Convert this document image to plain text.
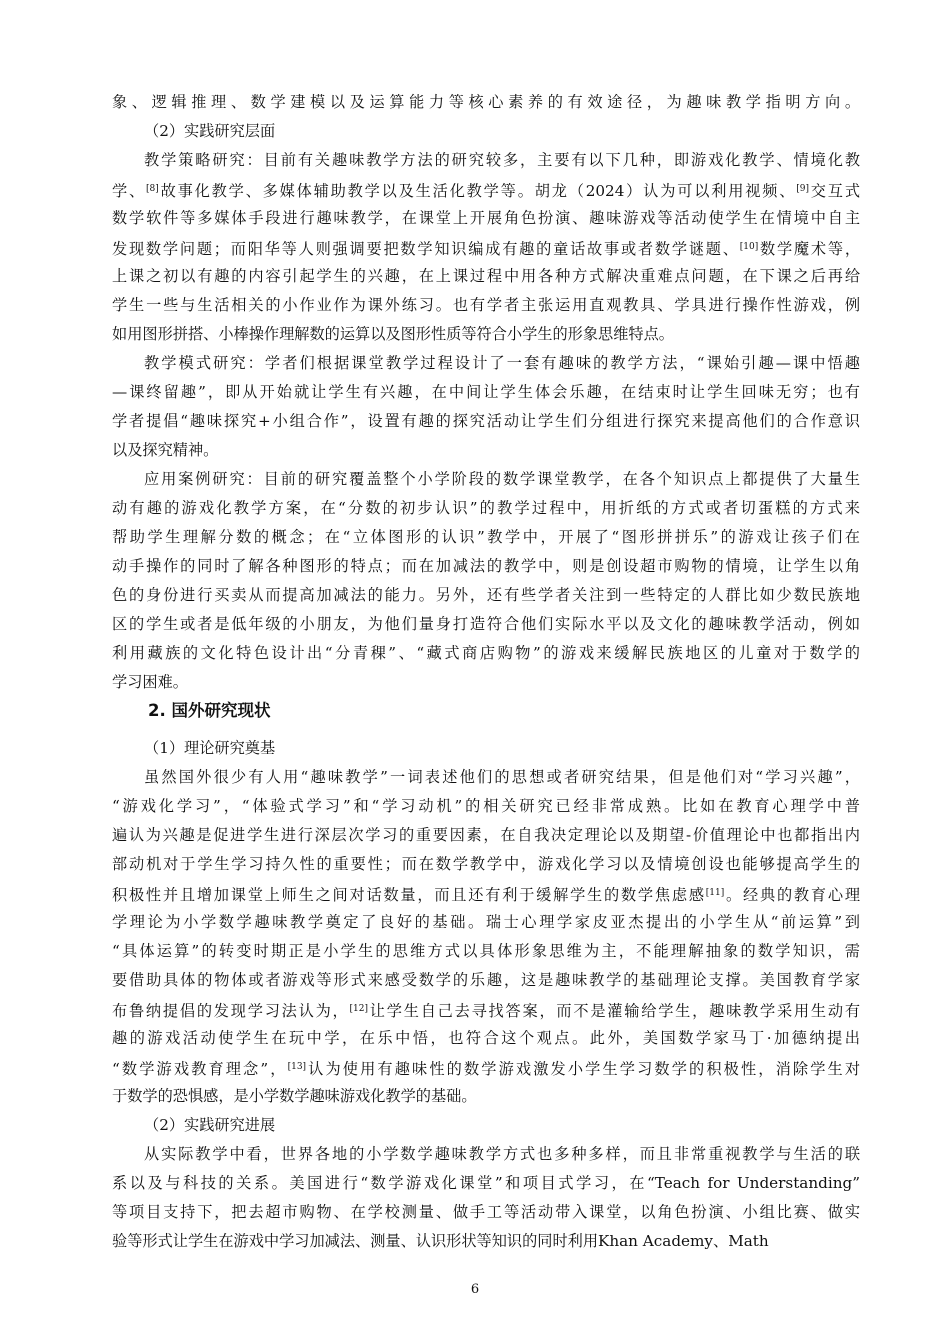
象、逻辑推理、数学建模以及运算能力等核心素养的有效途径，为趣味教学指明方向。
（2）实践研究层面
教学策略研究：目前有关趣味教学方法的研究较多，主要有以下几种，即游戏化教学、情境化教
学、[8]故事化教学、多媒体辅助教学以及生活化教学等。胡龙（2024）认为可以利用视频、[9]交互式
数学软件等多媒体手段进行趣味教学，在课堂上开展角色扮演、趣味游戏等活动使学生在情境中自主
发现数学问题；而阳华等人则强调要把数学知识编成有趣的童话故事或者数学谜题、[10]数学魔术等，
上课之初以有趣的内容引起学生的兴趣，在上课过程中用各种方式解决重难点问题，在下课之后再给
学生一些与生活相关的小作业作为课外练习。也有学者主张运用直观教具、学具进行操作性游戏，例
如用图形拼搭、小棒操作理解数的运算以及图形性质等符合小学生的形象思维特点。
教学模式研究：学者们根据课堂教学过程设计了一套有趣味的教学方法，“课始引趣—课中悟趣
—课终留趣”，即从开始就让学生有兴趣，在中间让学生体会乐趣，在结束时让学生回味无穷；也有
学者提倡“趣味探究+小组合作”，设置有趣的探究活动让学生们分组进行探究来提高他们的合作意识
以及探究精神。
应用案例研究：目前的研究覆盖整个小学阶段的数学课堂教学，在各个知识点上都提供了大量生
动有趣的游戏化教学方案，在“分数的初步认识”的教学过程中，用折纸的方式或者切蛋糕的方式来
帮助学生理解分数的概念；在“立体图形的认识”教学中，开展了“图形拼拼乐”的游戏让孩子们在
动手操作的同时了解各种图形的特点；而在加减法的教学中，则是创设超市购物的情境，让学生以角
色的身份进行买卖从而提高加减法的能力。另外，还有些学者关注到一些特定的人群比如少数民族地
区的学生或者是低年级的小朋友，为他们量身打造符合他们实际水平以及文化的趣味教学活动，例如
利用藏族的文化特色设计出“分青稞”、“藏式商店购物”的游戏来缓解民族地区的儿童对于数学的
学习困难。
2. 国外研究现状
（1）理论研究奠基
虽然国外很少有人用“趣味教学”一词表述他们的思想或者研究结果，但是他们对“学习兴趣”，
“游戏化学习”，“体验式学习”和“学习动机”的相关研究已经非常成熟。比如在教育心理学中普
遍认为兴趣是促进学生进行深层次学习的重要因素，在自我决定理论以及期望-价值理论中也都指出内
部动机对于学生学习持久性的重要性；而在数学教学中，游戏化学习以及情境创设也能够提高学生的
积极性并且增加课堂上师生之间对话数量，而且还有利于缓解学生的数学焦虑感[11]。经典的教育心理
学理论为小学数学趣味教学奠定了良好的基础。瑞士心理学家皮亚杰提出的小学生从“前运算”到
“具体运算”的转变时期正是小学生的思维方式以具体形象思维为主，不能理解抽象的数学知识，需
要借助具体的物体或者游戏等形式来感受数学的乐趣，这是趣味教学的基础理论支撑。美国教育学家
布鲁纳提倡的发现学习法认为，[12]让学生自己去寻找答案，而不是灌输给学生，趣味教学采用生动有
趣的游戏活动使学生在玩中学，在乐中悟，也符合这个观点。此外，美国数学家马丁·加德纳提出
“数学游戏教育理念”，[13]认为使用有趣味性的数学游戏激发小学生学习数学的积极性，消除学生对
于数学的恐惧感，是小学数学趣味游戏化教学的基础。
（2）实践研究进展
从实际教学中看，世界各地的小学数学趣味教学方式也多种多样，而且非常重视教学与生活的联
系以及与科技的关系。美国进行“数学游戏化课堂”和项目式学习，在“Teach for Understanding”
等项目支持下，把去超市购物、在学校测量、做手工等活动带入课堂，以角色扮演、小组比赛、做实
验等形式让学生在游戏中学习加减法、测量、认识形状等知识的同时利用Khan Academy、Math
6
